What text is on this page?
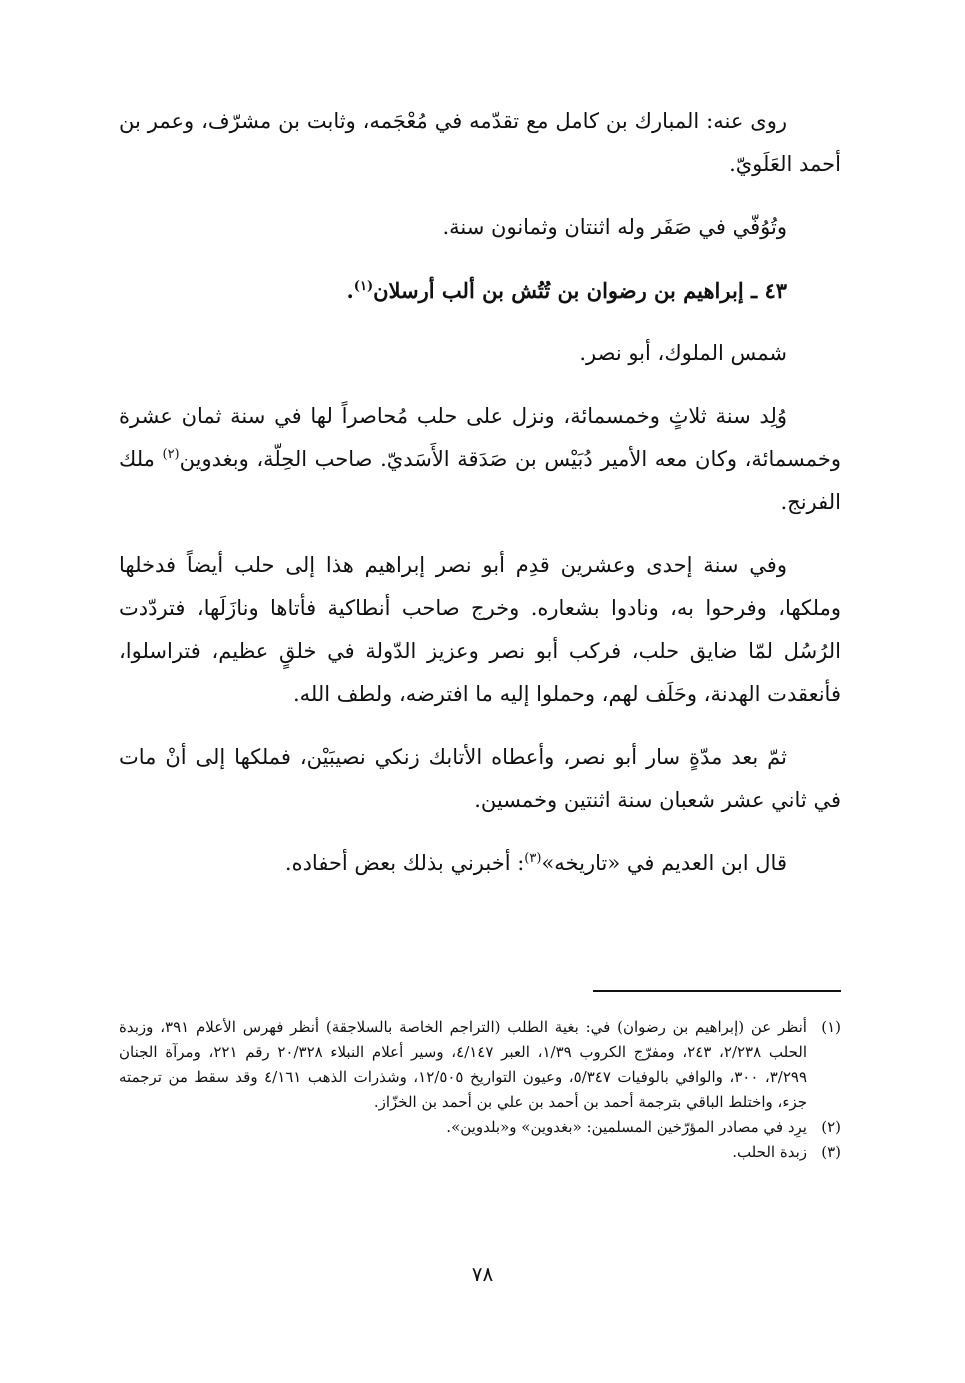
روى عنه: المبارك بن كامل مع تقدّمه في مُعْجَمه، وثابت بن مشرّف، وعمر بن أحمد العَلَويّ.

وتُوُفّي في صَفَر وله اثنتان وثمانون سنة.

٤٣ ـ إبراهيم بن رضوان بن تُتُش بن ألب أرسلان$^{(١)}$.

شمس الملوك، أبو نصر.

وُلِد سنة ثلاثٍ وخمسمائة، ونزل على حلب مُحاصراً لها في سنة ثمان عشرة وخمسمائة، وكان معه الأمير دُبَيْس بن صَدَقة الأَسَديّ. صاحب الحِلّة، وبغدوين$^{(٢)}$ ملك الفرنج.

وفي سنة إحدى وعشرين قدِم أبو نصر إبراهيم هذا إلى حلب أيضاً فدخلها وملكها، وفرحوا به، ونادوا بشعاره. وخرج صاحب أنطاكية فأتاها ونازَلَها، فتردّدت الرُسُل لمّا ضايق حلب، فركب أبو نصر وعزيز الدّولة في خلقٍ عظيم، فتراسلوا، فأنعقدت الهدنة، وحَلَف لهم، وحملوا إليه ما افترضه، ولطف الله.

ثمّ بعد مدّةٍ سار أبو نصر، وأعطاه الأتابك زنكي نصيبَيْن، فملكها إلى أنْ مات في ثاني عشر شعبان سنة اثنتين وخمسين.

قال ابن العديم في «تاريخه»$^{(٣)}$: أخبرني بذلك بعض أحفاده.

(١)
أنظر عن (إبراهيم بن رضوان) في: بغية الطلب (التراجم الخاصة بالسلاجقة) أنظر فهرس الأعلام ٣٩١، وزبدة الحلب ٢/٢٣٨، ٢٤٣، ومفرّج الكروب ١/٣٩، العبر ٤/١٤٧، وسير أعلام النبلاء ٢٠/٣٢٨ رقم ٢٢١، ومرآة الجنان ٣/٢٩٩، ٣٠٠، والوافي بالوفيات ٥/٣٤٧، وعيون التواريخ ١٢/٥٠٥، وشذرات الذهب ٤/١٦١ وقد سقط من ترجمته جزء، واختلط الباقي بترجمة أحمد بن أحمد بن علي بن أحمد بن الخزّاز.
(٢)
يرِد في مصادر المؤرّخين المسلمين: «بغدوين» و«بلدوين».
(٣)
زبدة الحلب.
٧٨
